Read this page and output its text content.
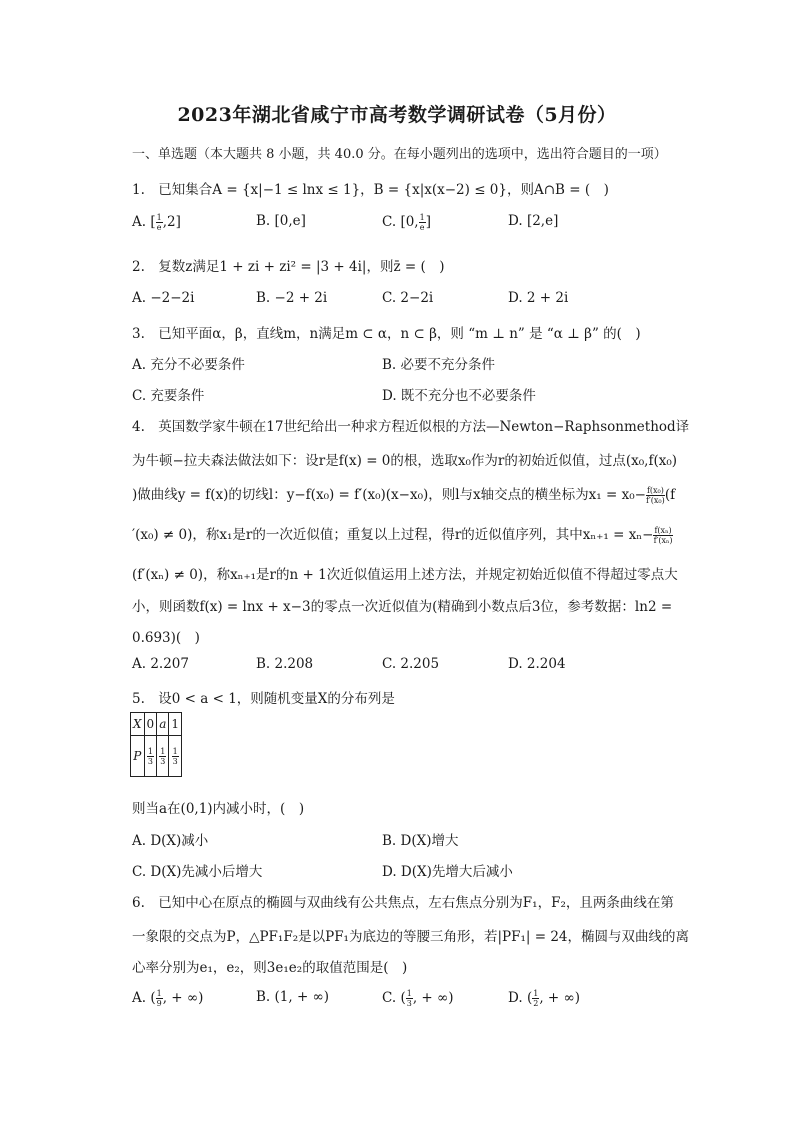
2023年湖北省咸宁市高考数学调研试卷（5月份）
一、单选题（本大题共 8 小题，共 40.0 分。在每小题列出的选项中，选出符合题目的一项）
1. 已知集合A = {x|−1 ≤ lnx ≤ 1}，B = {x|x(x−2) ≤ 0}，则A∩B = (　)
A. [ $\frac{1}{e} ,2$]	B. [0,e]	C. [0, $\frac{1}{e}$ ]	D. [2,e]
2. 复数z满足1 + zi + zi² = |3 + 4i|，则z̄ = (　)
A. −2−2i	B. −2 + 2i	C. 2−2i	D. 2 + 2i
3. 已知平面α，β，直线m，n满足m ⊂ α，n ⊂ β，则 “m ⊥ n” 是 “α ⊥ β” 的(　)
A. 充分不必要条件	B. 必要不充分条件
C. 充要条件	D. 既不充分也不必要条件
4. 英国数学家牛顿在17世纪给出一种求方程近似根的方法—Newton−Raphsonmethod译
为牛顿−拉夫森法做法如下：设r是f(x) = 0的根，选取x₀作为r的初始近似值，过点(x₀,f(x₀)
)做曲线y = f(x)的切线l：y−f(x₀) = f′(x₀)(x−x₀)，则l与x轴交点的横坐标为$x_1 = x_0- \frac{\text{f(x₀)}}{\text{f′(x₀)}} (f$
′(x₀) ≠ 0)，称x₁是r的一次近似值；重复以上过程，得r的近似值序列，其中$x_{n+1} = x_n- \frac{\text{f(xₙ)}}{\text{f′(xₙ)}}$
(f′(xₙ) ≠ 0)，称xₙ₊₁是r的n + 1次近似值运用上述方法，并规定初始近似值不得超过零点大
小，则函数f(x) = lnx + x−3的零点一次近似值为(精确到小数点后3位，参考数据：ln2 =
0.693)(　)
A. 2.207	B. 2.208	C. 2.205	D. 2.204
5. 设0 < a < 1，则随机变量X的分布列是
X	0	a	1
P	$\frac{1}{3}$	$\frac{1}{3}$	$\frac{1}{3}$
则当a在(0,1)内减小时，(　)
A. D(X)减小	B. D(X)增大
C. D(X)先减小后增大	D. D(X)先增大后减小
6. 已知中心在原点的椭圆与双曲线有公共焦点，左右焦点分别为F₁，F₂，且两条曲线在第
一象限的交点为P，△PF₁F₂是以PF₁为底边的等腰三角形，若|PF₁| = 24，椭圆与双曲线的离
心率分别为e₁，e₂，则3e₁e₂的取值范围是(　)
A. ( $\frac{1}{9}$ , + ∞)	B. (1, + ∞)	C. ( $\frac{1}{3}$ , + ∞)	D. ( $\frac{1}{2}$ , + ∞)
